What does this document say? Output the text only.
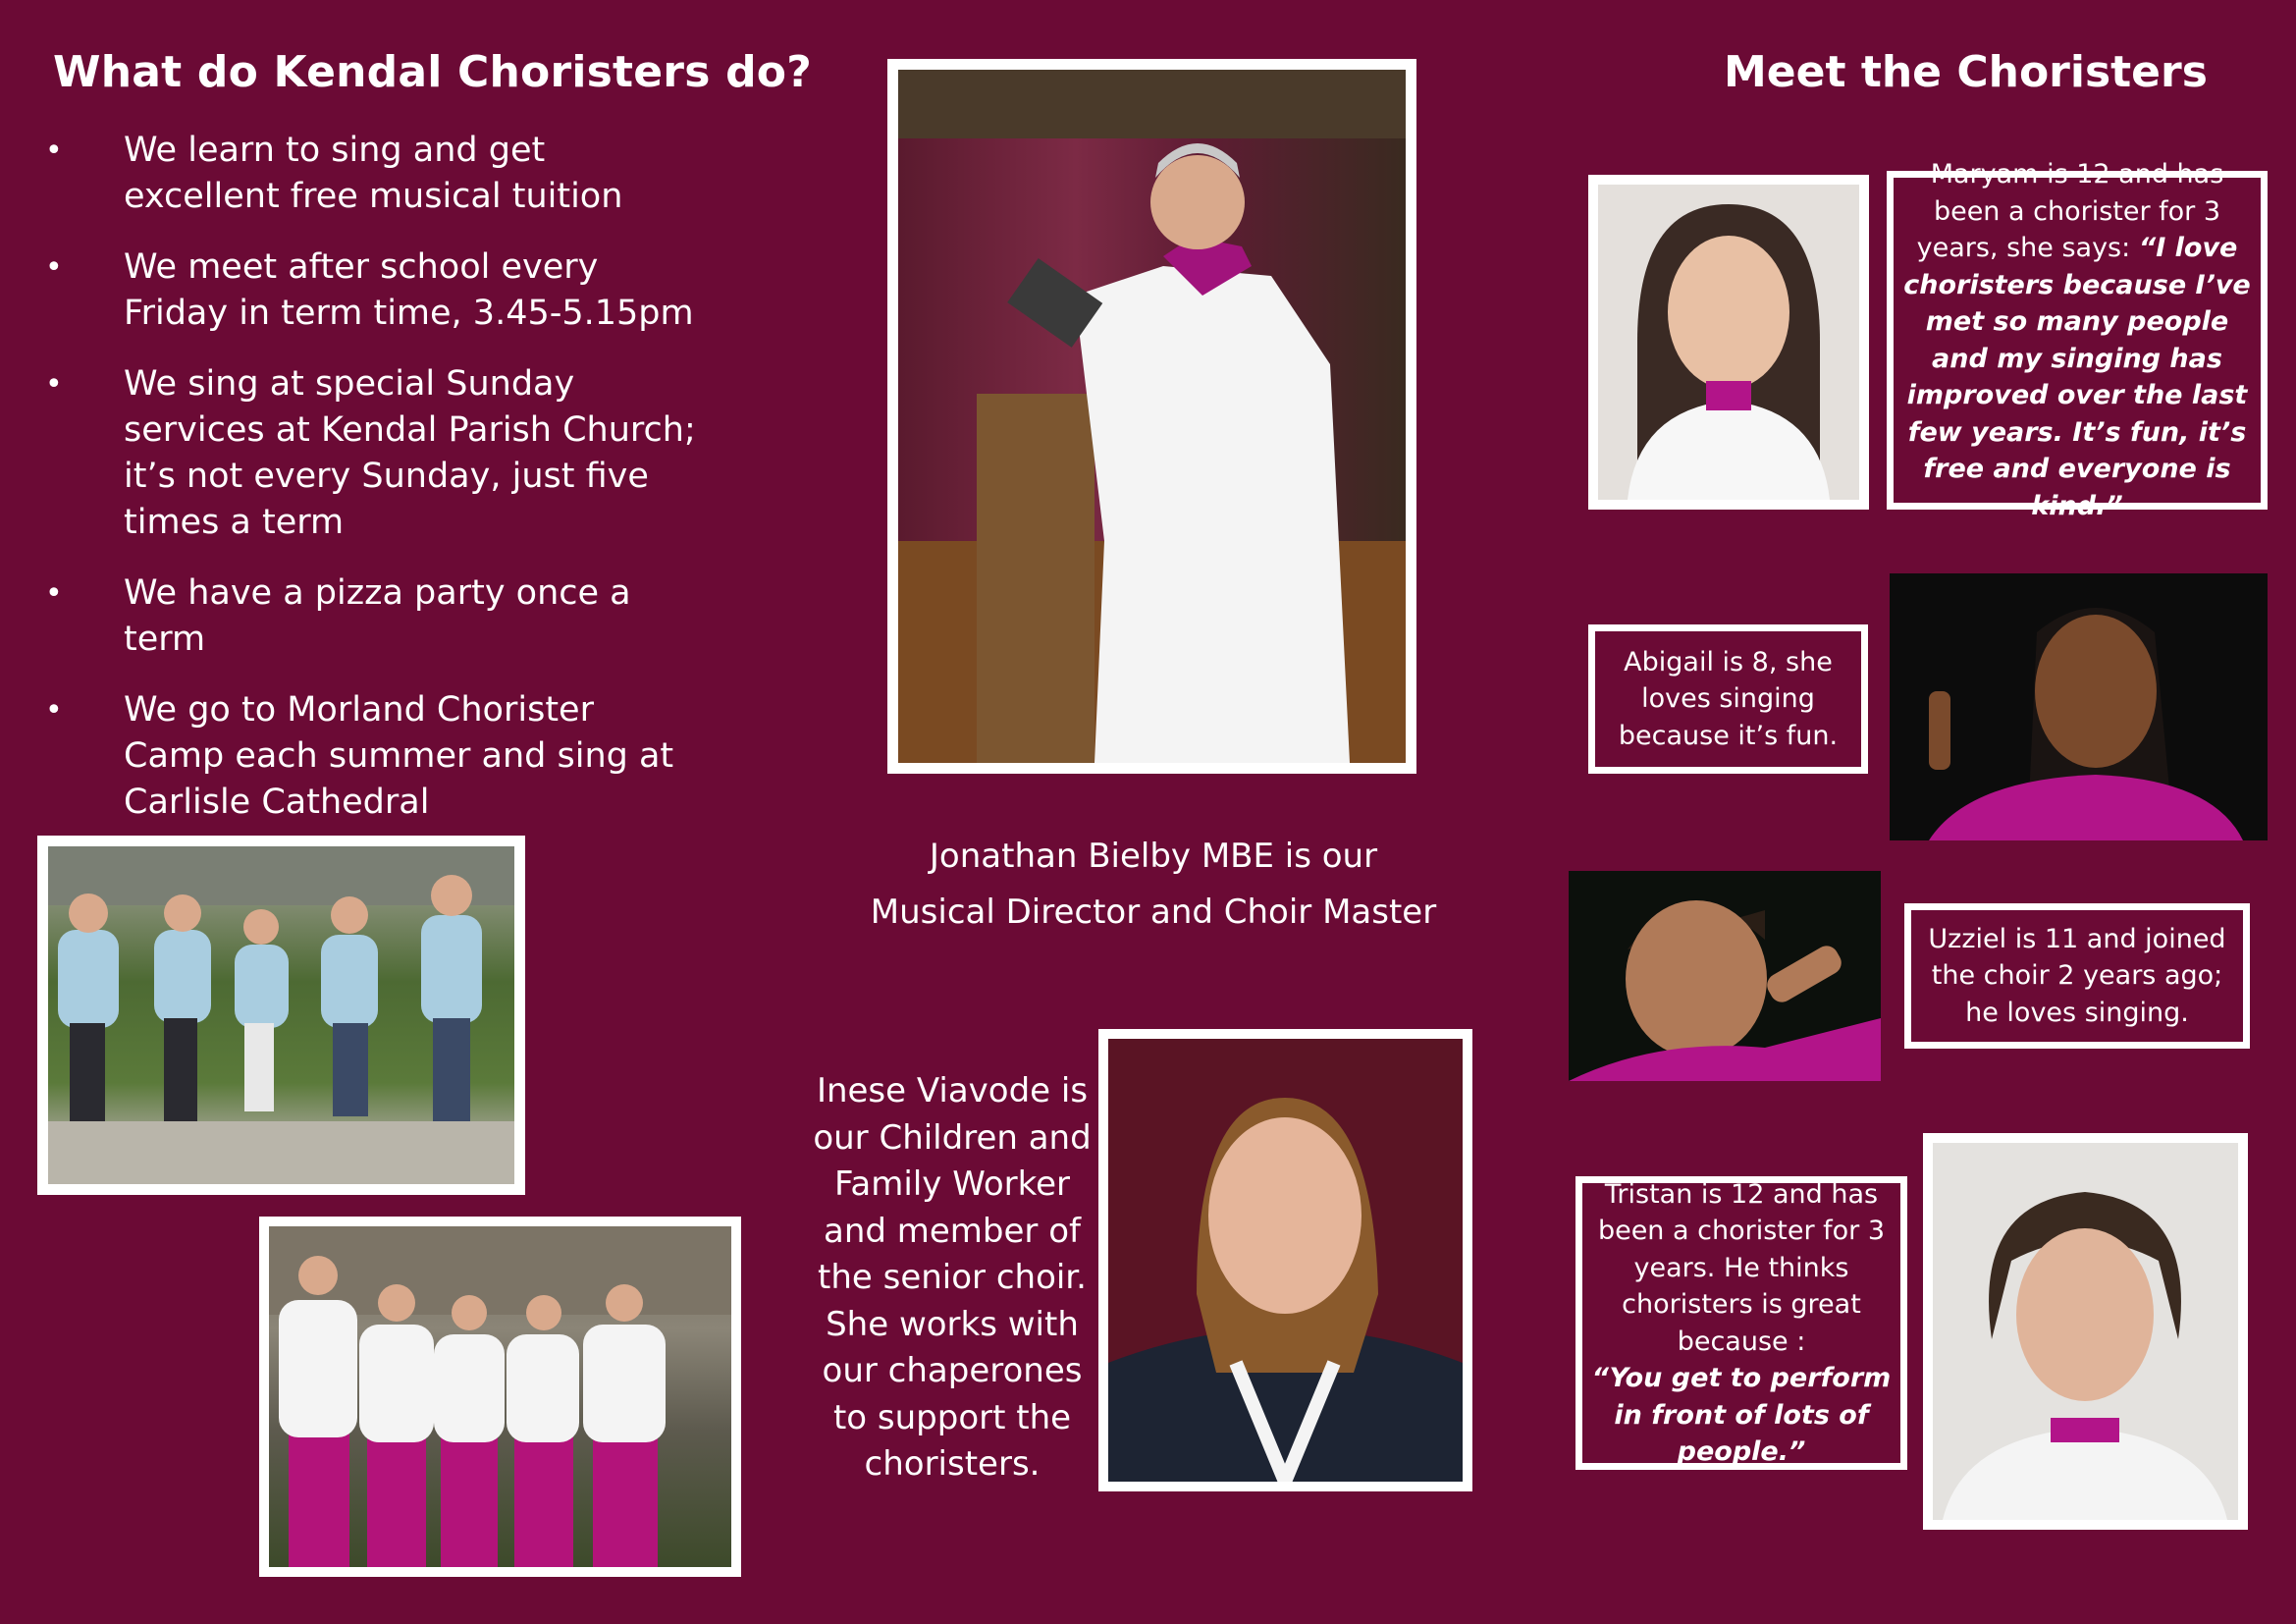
What do Kendal Choristers do?
• We learn to sing and get excellent free musical tuition
• We meet after school every Friday in term time, 3.45-5.15pm
• We sing at special Sunday services at Kendal Parish Church; it’s not every Sunday, just five times a term
• We have a pizza party once a term
• We go to Morland Chorister Camp each summer and sing at Carlisle Cathedral
Jonathan Bielby MBE is our
Musical Director and Choir Master
Inese Viavode is our Children and Family Worker and member of the senior choir. She works with our chaperones to support the choristers.
Meet the Choristers
Maryam is 12 and has been a chorister for 3 years, she says: “I love choristers because I’ve met so many people and my singing has improved over the last few years. It’s fun, it’s free and everyone is kind.”
Abigail is 8, she loves singing because it’s fun.
Uzziel is 11 and joined the choir 2 years ago; he loves singing.
Tristan is 12 and has been a chorister for 3 years. He thinks choristers is great because :
“You get to perform in front of lots of people.”
